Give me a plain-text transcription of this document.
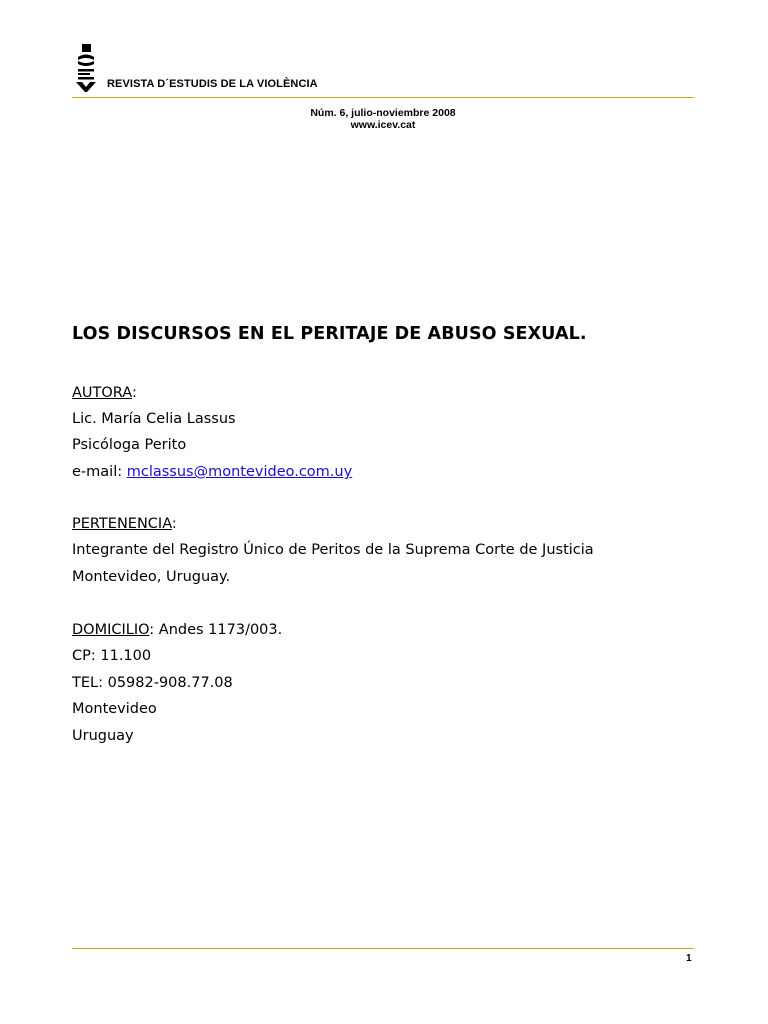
REVISTA D´ESTUDIS DE LA VIOLÈNCIA
Núm. 6, julio-noviembre 2008
www.icev.cat
LOS DISCURSOS EN EL PERITAJE DE ABUSO SEXUAL.
AUTORA:
Lic. María Celia Lassus
Psicóloga Perito
e-mail: mclassus@montevideo.com.uy
PERTENENCIA:
Integrante del Registro Único de Peritos de la Suprema Corte de Justicia
Montevideo, Uruguay.
DOMICILIO: Andes 1173/003.
CP: 11.100
TEL: 05982-908.77.08
Montevideo
Uruguay
1
